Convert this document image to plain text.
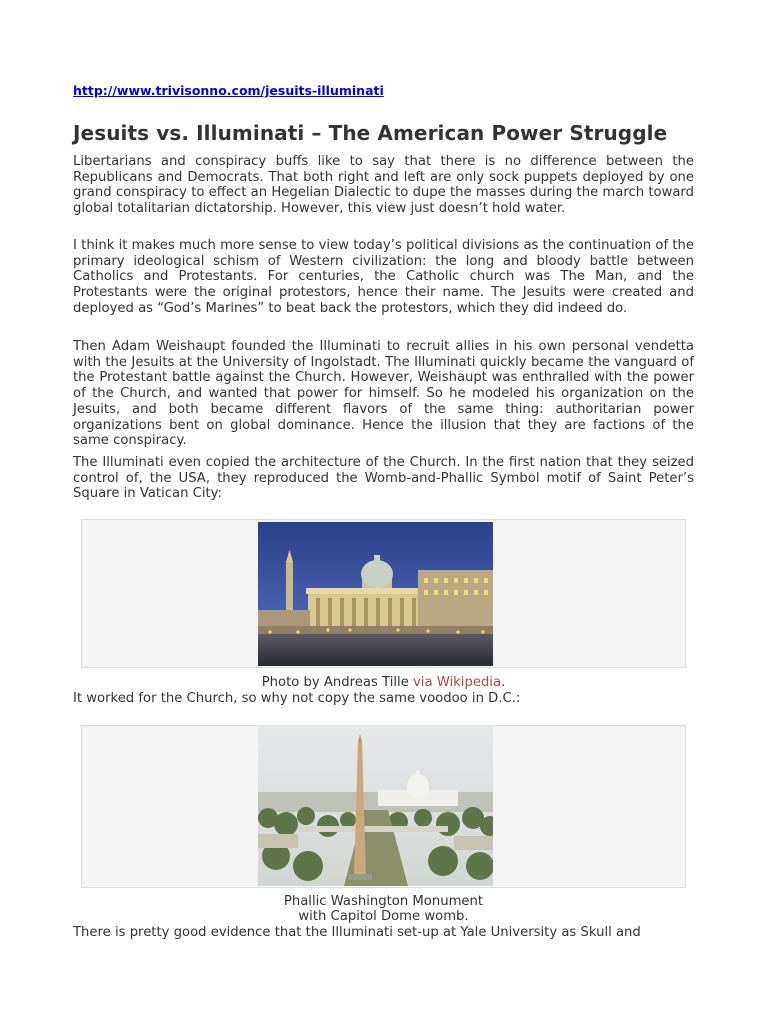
http://www.trivisonno.com/jesuits-illuminati
Jesuits vs. Illuminati – The American Power Struggle

Libertarians and conspiracy buffs like to say that there is no difference between the Republicans and Democrats. That both right and left are only sock puppets deployed by one grand conspiracy to effect an Hegelian Dialectic to dupe the masses during the march toward global totalitarian dictatorship. However, this view just doesn’t hold water.

I think it makes much more sense to view today’s political divisions as the continuation of the primary ideological schism of Western civilization: the long and bloody battle between Catholics and Protestants. For centuries, the Catholic church was The Man, and the Protestants were the original protestors, hence their name. The Jesuits were created and deployed as “God’s Marines” to beat back the protestors, which they did indeed do.

Then Adam Weishaupt founded the Illuminati to recruit allies in his own personal vendetta with the Jesuits at the University of Ingolstadt. The Illuminati quickly became the vanguard of the Protestant battle against the Church. However, Weishaupt was enthralled with the power of the Church, and wanted that power for himself. So he modeled his organization on the Jesuits, and both became different flavors of the same thing: authoritarian power organizations bent on global dominance. Hence the illusion that they are factions of the same conspiracy.

The Illuminati even copied the architecture of the Church. In the first nation that they seized control of, the USA, they reproduced the Womb-and-Phallic Symbol motif of Saint Peter’s Square in Vatican City:

Photo by Andreas Tille via Wikipedia.

It worked for the Church, so why not copy the same voodoo in D.C.:

Phallic Washington Monument

with Capitol Dome womb.

There is pretty good evidence that the Illuminati set-up at Yale University as Skull and
